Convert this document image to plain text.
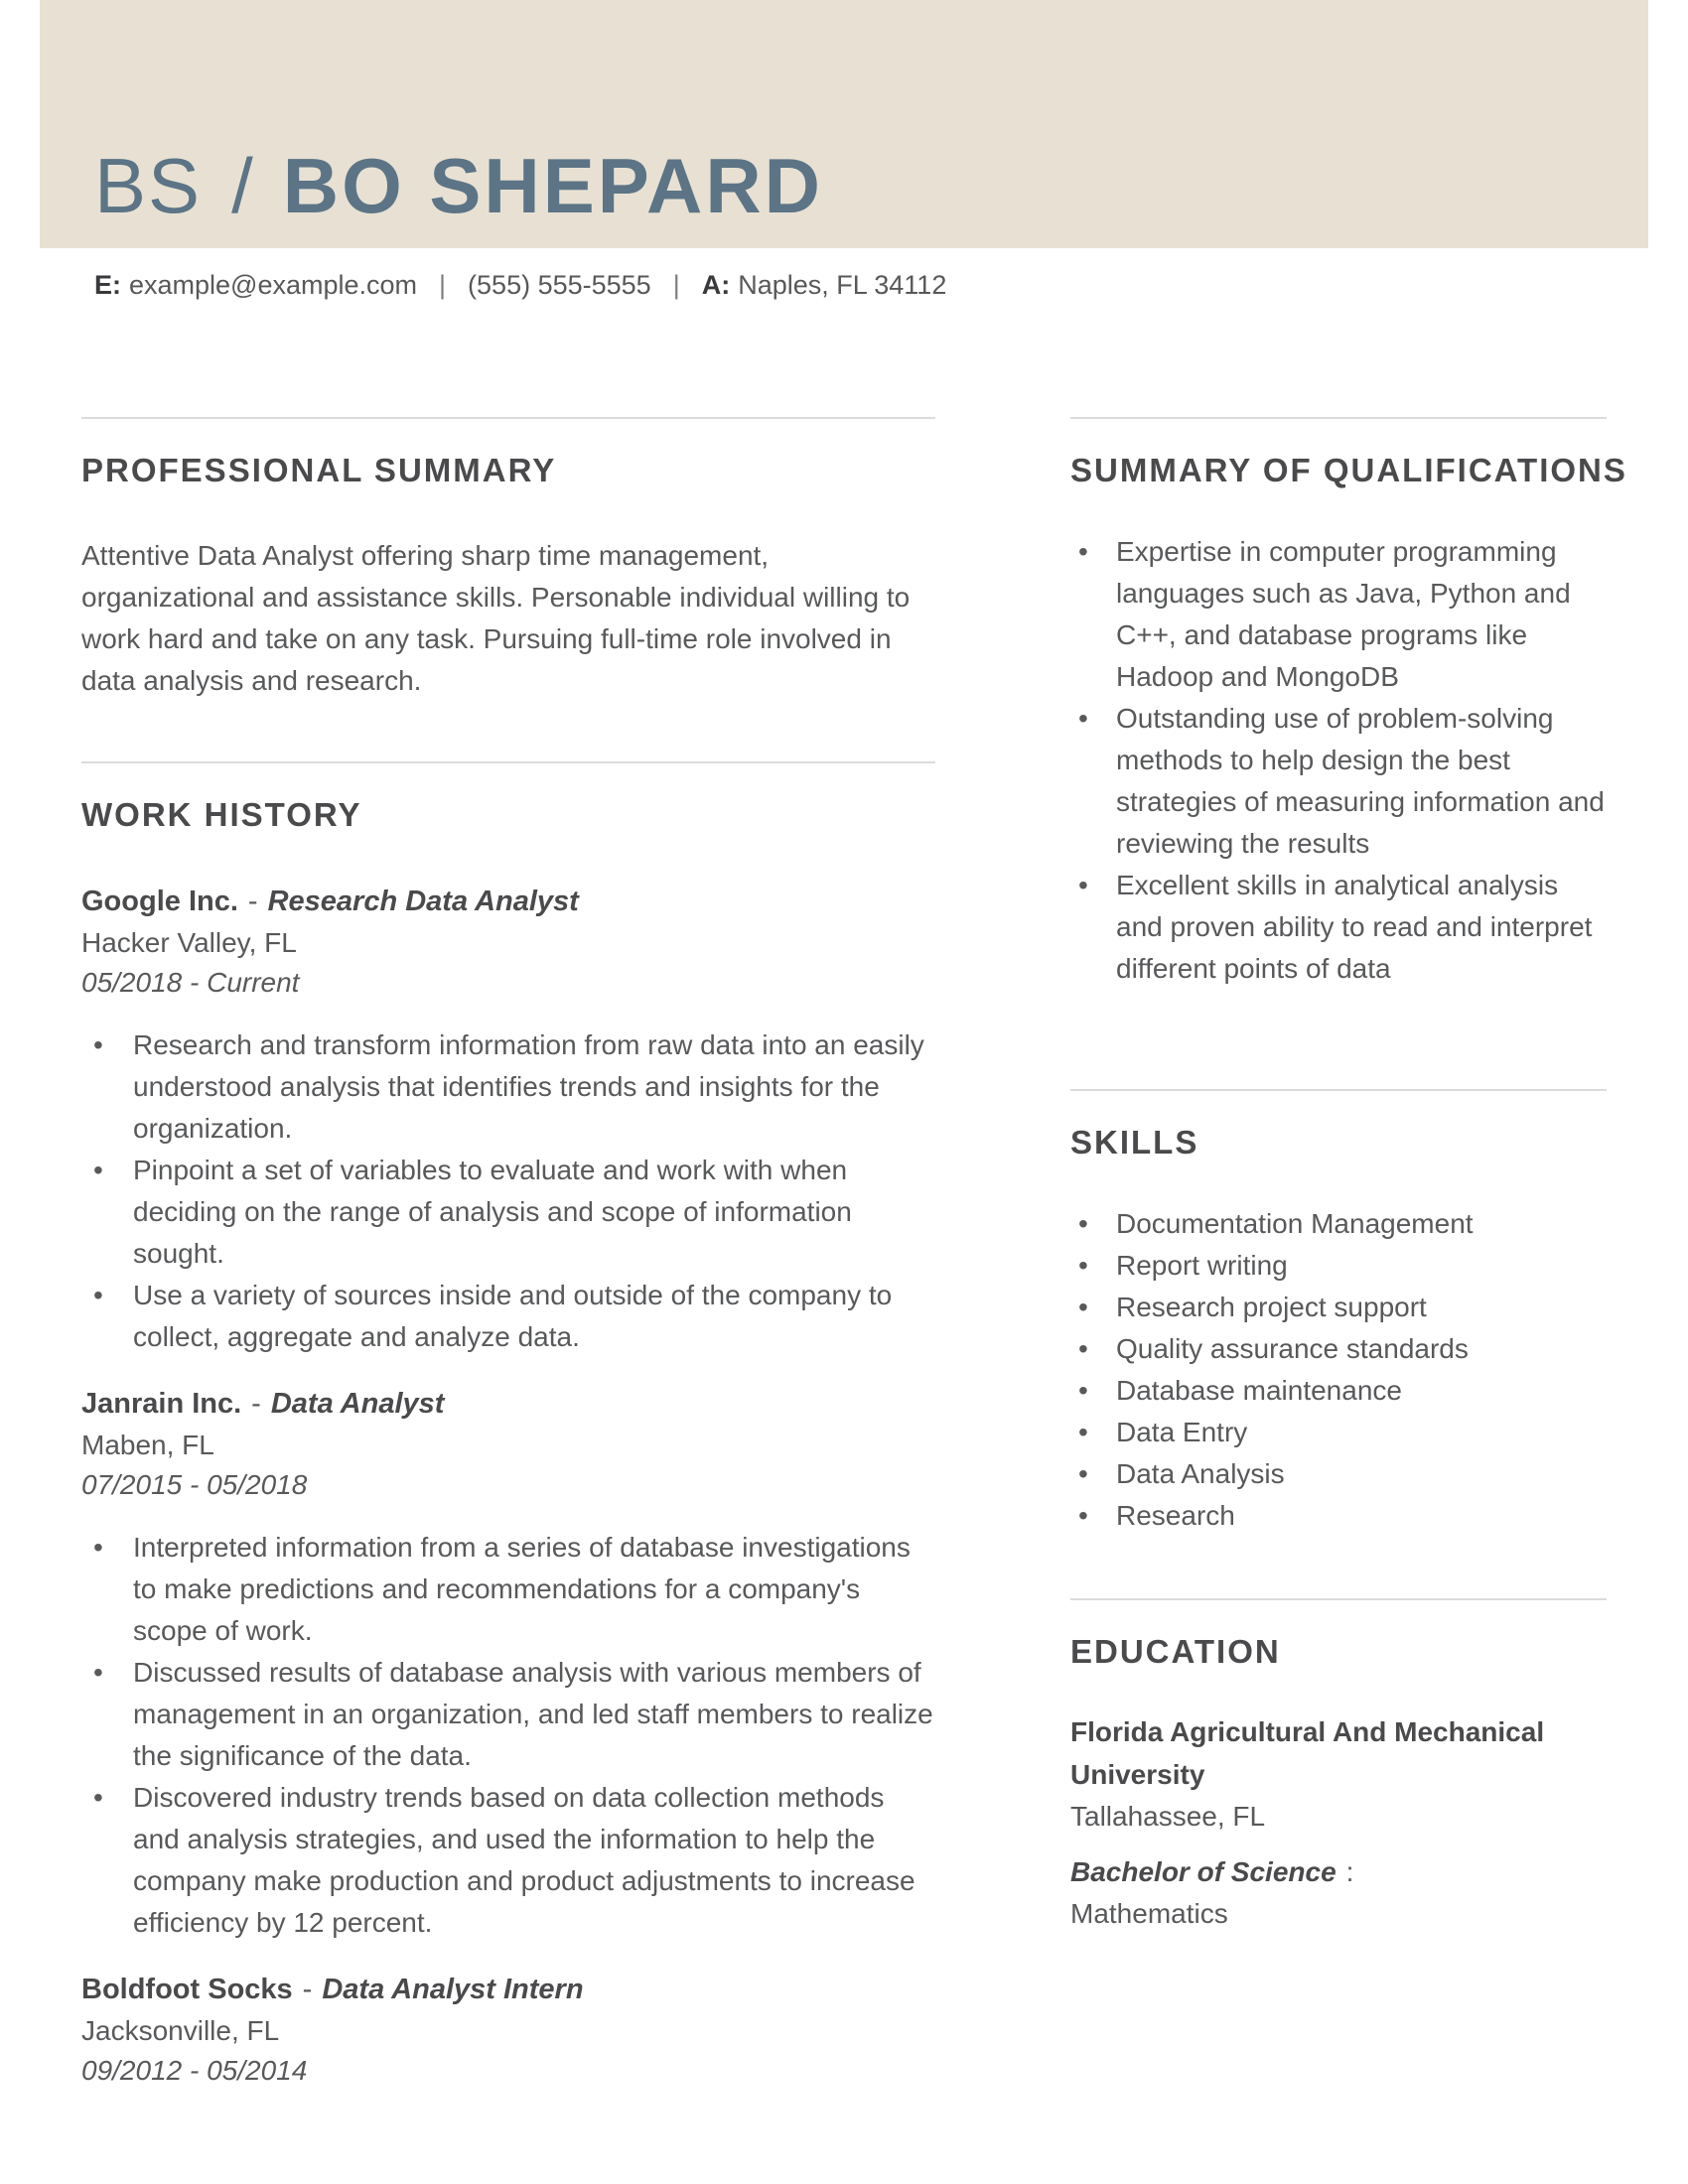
BS / BO SHEPARD
E: example@example.com | (555) 555-5555 | A: Naples, FL 34112
PROFESSIONAL SUMMARY

Attentive Data Analyst offering sharp time management, organizational and assistance skills. Personable individual willing to work hard and take on any task. Pursuing full-time role involved in data analysis and research.

WORK HISTORY
Google Inc. - Research Data Analyst
Hacker Valley, FL
05/2018 - Current
• Research and transform information from raw data into an easily understood analysis that identifies trends and insights for the organization.
• Pinpoint a set of variables to evaluate and work with when deciding on the range of analysis and scope of information sought.
• Use a variety of sources inside and outside of the company to collect, aggregate and analyze data.
Janrain Inc. - Data Analyst
Maben, FL
07/2015 - 05/2018
• Interpreted information from a series of database investigations to make predictions and recommendations for a company's scope of work.
• Discussed results of database analysis with various members of management in an organization, and led staff members to realize the significance of the data.
• Discovered industry trends based on data collection methods and analysis strategies, and used the information to help the company make production and product adjustments to increase efficiency by 12 percent.
Boldfoot Socks - Data Analyst Intern
Jacksonville, FL
09/2012 - 05/2014
SUMMARY OF QUALIFICATIONS
• Expertise in computer programming languages such as Java, Python and C++, and database programs like Hadoop and MongoDB
• Outstanding use of problem-solving methods to help design the best strategies of measuring information and reviewing the results
• Excellent skills in analytical analysis and proven ability to read and interpret different points of data
SKILLS
• Documentation Management
• Report writing
• Research project support
• Quality assurance standards
• Database maintenance
• Data Entry
• Data Analysis
• Research
EDUCATION

Florida Agricultural And Mechanical University

Tallahassee, FL
Bachelor of Science :
Mathematics
